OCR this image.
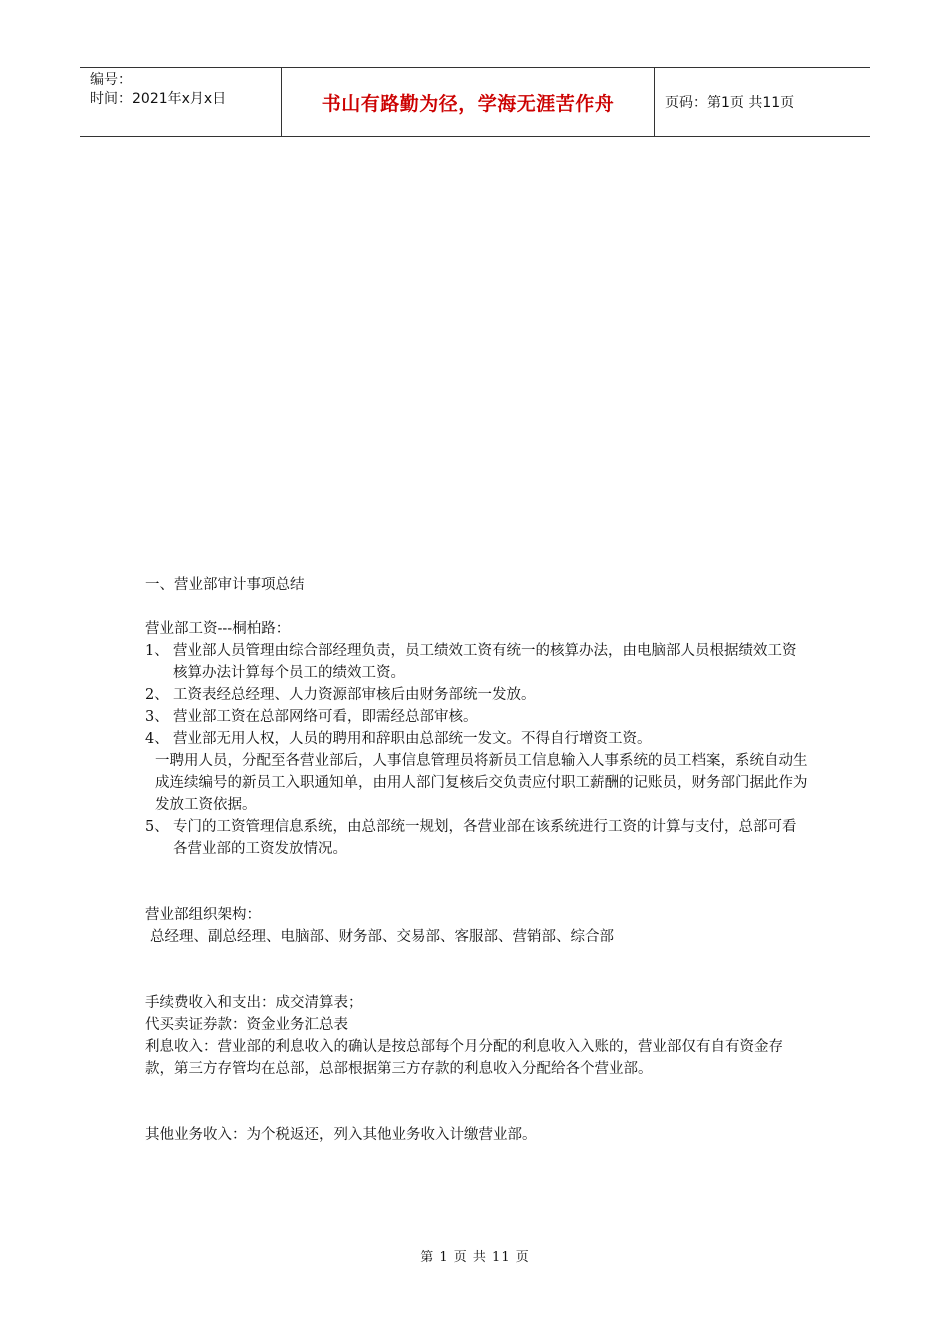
编号：
时间：2021年x月x日	书山有路勤为径，学海无涯苦作舟	页码：第1页 共11页

一、营业部审计事项总结

营业部工资---桐柏路：

1、 营业部人员管理由综合部经理负责，员工绩效工资有统一的核算办法，由电脑部人员根据绩效工资核算办法计算每个员工的绩效工资。
2、 工资表经总经理、人力资源部审核后由财务部统一发放。
3、 营业部工资在总部网络可看，即需经总部审核。
4、 营业部无用人权，人员的聘用和辞职由总部统一发文。不得自行增资工资。

一聘用人员，分配至各营业部后，人事信息管理员将新员工信息输入人事系统的员工档案，系统自动生成连续编号的新员工入职通知单，由用人部门复核后交负责应付职工薪酬的记账员，财务部门据此作为发放工资依据。

5、 专门的工资管理信息系统，由总部统一规划，各营业部在该系统进行工资的计算与支付，总部可看各营业部的工资发放情况。

营业部组织架构：

总经理、副总经理、电脑部、财务部、交易部、客服部、营销部、综合部

手续费收入和支出：成交清算表；

代买卖证券款：资金业务汇总表

利息收入：营业部的利息收入的确认是按总部每个月分配的利息收入入账的，营业部仅有自有资金存款，第三方存管均在总部，总部根据第三方存款的利息收入分配给各个营业部。

其他业务收入：为个税返还，列入其他业务收入计缴营业部。

第 1 页 共 11 页
